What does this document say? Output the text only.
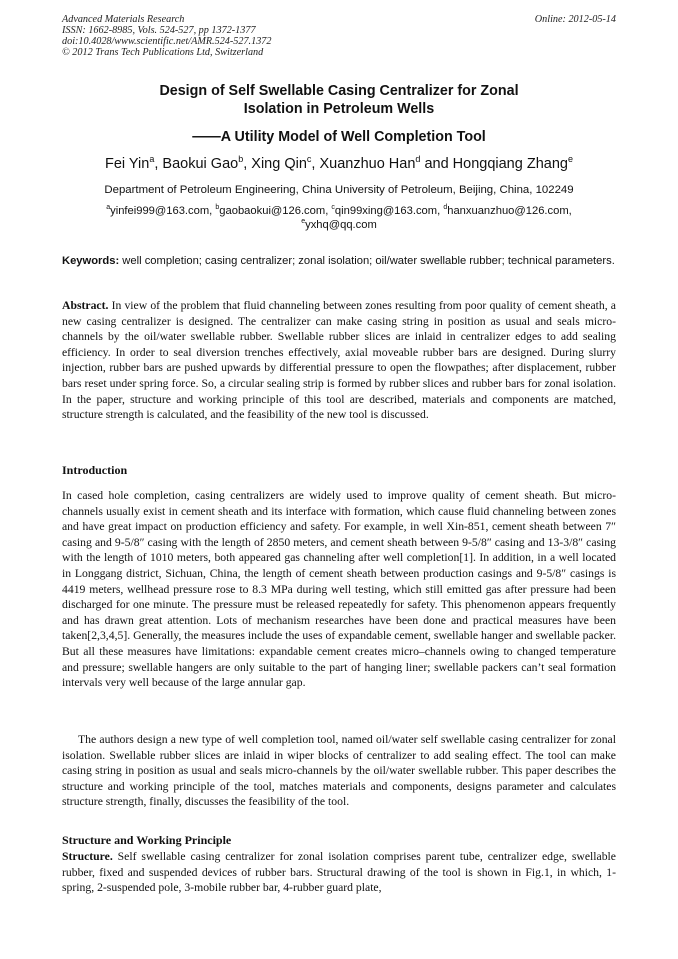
Advanced Materials Research
ISSN: 1662-8985, Vols. 524-527, pp 1372-1377
doi:10.4028/www.scientific.net/AMR.524-527.1372
© 2012 Trans Tech Publications Ltd, Switzerland
Online: 2012-05-14
Design of Self Swellable Casing Centralizer for Zonal
Isolation in Petroleum Wells
——A Utility Model of Well Completion Tool
Fei Yin$^a$, Baokui Gao$^b$, Xing Qin$^c$, Xuanzhuo Han$^d$ and Hongqiang Zhang$^e$
Department of Petroleum Engineering, China University of Petroleum, Beijing, China, 102249
$^a$yinfei999@163.com, $^b$gaobaokui@126.com, $^c$qin99xing@163.com, $^d$hanxuanzhuo@126.com,
$^e$yxhq@qq.com
Keywords: well completion; casing centralizer; zonal isolation; oil/water swellable rubber; technical parameters.
Abstract. In view of the problem that fluid channeling between zones resulting from poor quality of cement sheath, a new casing centralizer is designed. The centralizer can make casing string in position as usual and seals micro-channels by the oil/water swellable rubber. Swellable rubber slices are inlaid in centralizer edges to add sealing efficiency. In order to seal diversion trenches effectively, axial moveable rubber bars are designed. During slurry injection, rubber bars are pushed upwards by differential pressure to open the flowpathes; after displacement, rubber bars reset under spring force. So, a circular sealing strip is formed by rubber slices and rubber bars for zonal isolation. In the paper, structure and working principle of this tool are described, materials and components are matched, structure strength is calculated, and the feasibility of the new tool is discussed.
Introduction
In cased hole completion, casing centralizers are widely used to improve quality of cement sheath. But micro-channels usually exist in cement sheath and its interface with formation, which cause fluid channeling between zones and have great impact on production efficiency and safety. For example, in well Xin-851, cement sheath between 7″ casing and 9-5/8″ casing with the length of 2850 meters, and cement sheath between 9-5/8″ casing and 13-3/8″ casing with the length of 1010 meters, both appeared gas channeling after well completion[1]. In addition, in a well located in Longgang district, Sichuan, China, the length of cement sheath between production casings and 9-5/8″ casings is 4419 meters, wellhead pressure rose to 8.3 MPa during well testing, which still emitted gas after pressure had been discharged for one minute. The pressure must be released repeatedly for safety. This phenomenon appears frequently and has drawn great attention. Lots of mechanism researches have been done and practical measures have been taken[2,3,4,5]. Generally, the measures include the uses of expandable cement, swellable hanger and swellable packer. But all these measures have limitations: expandable cement creates micro–channels owing to changed temperature and pressure; swellable hangers are only suitable to the part of hanging liner; swellable packers can’t seal formation intervals very well because of the large annular gap.
The authors design a new type of well completion tool, named oil/water self swellable casing centralizer for zonal isolation. Swellable rubber slices are inlaid in wiper blocks of centralizer to add sealing effect. The tool can make casing string in position as usual and seals micro-channels by the oil/water swellable rubber. This paper describes the structure and working principle of the tool, matches materials and components, designs parameter and calculates structure strength, finally, discusses the feasibility of the tool.
Structure and Working Principle
Structure. Self swellable casing centralizer for zonal isolation comprises parent tube, centralizer edge, swellable rubber, fixed and suspended devices of rubber bars. Structural drawing of the tool is shown in Fig.1, in which, 1-spring, 2-suspended pole, 3-mobile rubber bar, 4-rubber guard plate,
